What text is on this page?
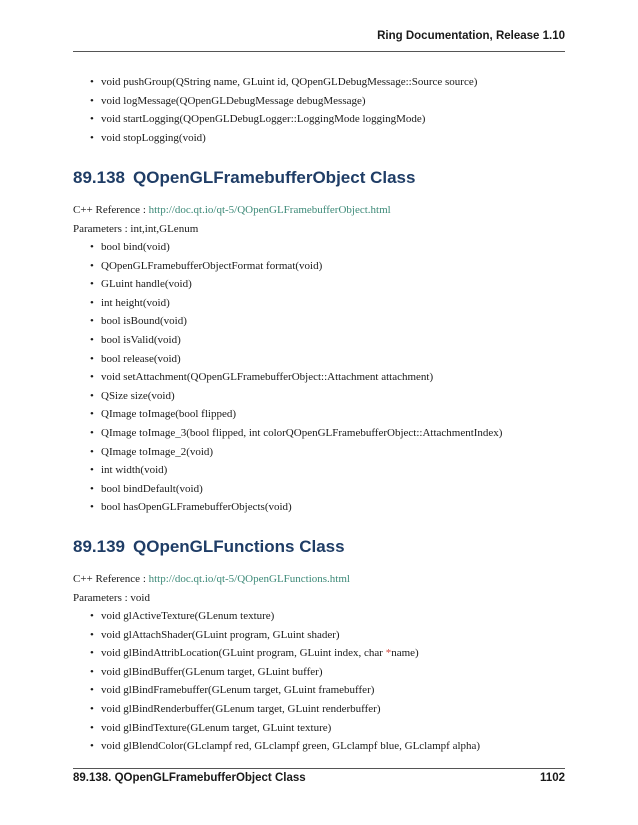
Ring Documentation, Release 1.10
• void pushGroup(QString name, GLuint id, QOpenGLDebugMessage::Source source)
• void logMessage(QOpenGLDebugMessage debugMessage)
• void startLogging(QOpenGLDebugLogger::LoggingMode loggingMode)
• void stopLogging(void)
89.138 QOpenGLFramebufferObject Class
C++ Reference : http://doc.qt.io/qt-5/QOpenGLFramebufferObject.html
Parameters : int,int,GLenum
• bool bind(void)
• QOpenGLFramebufferObjectFormat format(void)
• GLuint handle(void)
• int height(void)
• bool isBound(void)
• bool isValid(void)
• bool release(void)
• void setAttachment(QOpenGLFramebufferObject::Attachment attachment)
• QSize size(void)
• QImage toImage(bool flipped)
• QImage toImage_3(bool flipped, int colorQOpenGLFramebufferObject::AttachmentIndex)
• QImage toImage_2(void)
• int width(void)
• bool bindDefault(void)
• bool hasOpenGLFramebufferObjects(void)
89.139 QOpenGLFunctions Class
C++ Reference : http://doc.qt.io/qt-5/QOpenGLFunctions.html
Parameters : void
• void glActiveTexture(GLenum texture)
• void glAttachShader(GLuint program, GLuint shader)
• void glBindAttribLocation(GLuint program, GLuint index, char *name)
• void glBindBuffer(GLenum target, GLuint buffer)
• void glBindFramebuffer(GLenum target, GLuint framebuffer)
• void glBindRenderbuffer(GLenum target, GLuint renderbuffer)
• void glBindTexture(GLenum target, GLuint texture)
• void glBlendColor(GLclampf red, GLclampf green, GLclampf blue, GLclampf alpha)
89.138. QOpenGLFramebufferObject Class	1102
